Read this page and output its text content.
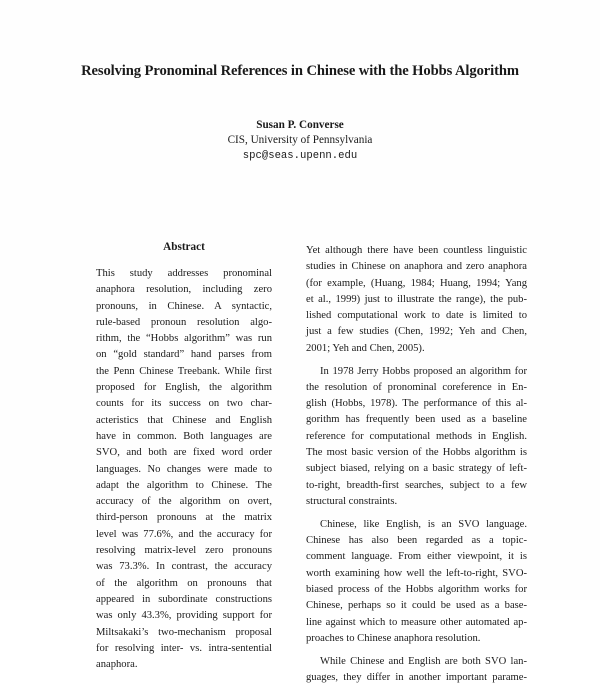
Resolving Pronominal References in Chinese with the Hobbs Algorithm
Susan P. Converse
CIS, University of Pennsylvania
spc@seas.upenn.edu
Abstract
This study addresses pronominal
anaphora resolution, including zero
pronouns, in Chinese. A syntactic,
rule-based pronoun resolution algo-
rithm, the “Hobbs algorithm” was run
on “gold standard” hand parses from
the Penn Chinese Treebank. While first
proposed for English, the algorithm
counts for its success on two char-
acteristics that Chinese and English
have in common. Both languages are
SVO, and both are fixed word order
languages. No changes were made to
adapt the algorithm to Chinese. The
accuracy of the algorithm on overt,
third-person pronouns at the matrix
level was 77.6%, and the accuracy for
resolving matrix-level zero pronouns
was 73.3%. In contrast, the accuracy
of the algorithm on pronouns that
appeared in subordinate constructions
was only 43.3%, providing support for
Miltsakaki’s two-mechanism proposal
for resolving inter- vs. intra-sentential
anaphora.
Yet although there have been countless linguistic
studies in Chinese on anaphora and zero anaphora
(for example, (Huang, 1984; Huang, 1994; Yang
et al., 1999) just to illustrate the range), the pub-
lished computational work to date is limited to
just a few studies (Chen, 1992; Yeh and Chen,
2001; Yeh and Chen, 2005).
In 1978 Jerry Hobbs proposed an algorithm for
the resolution of pronominal coreference in En-
glish (Hobbs, 1978). The performance of this al-
gorithm has frequently been used as a baseline
reference for computational methods in English.
The most basic version of the Hobbs algorithm is
subject biased, relying on a basic strategy of left-
to-right, breadth-first searches, subject to a few
structural constraints.
Chinese, like English, is an SVO language.
Chinese has also been regarded as a topic-
comment language. From either viewpoint, it is
worth examining how well the left-to-right, SVO-
biased process of the Hobbs algorithm works for
Chinese, perhaps so it could be used as a base-
line against which to measure other automated ap-
proaches to Chinese anaphora resolution.
While Chinese and English are both SVO lan-
guages, they differ in another important parame-
